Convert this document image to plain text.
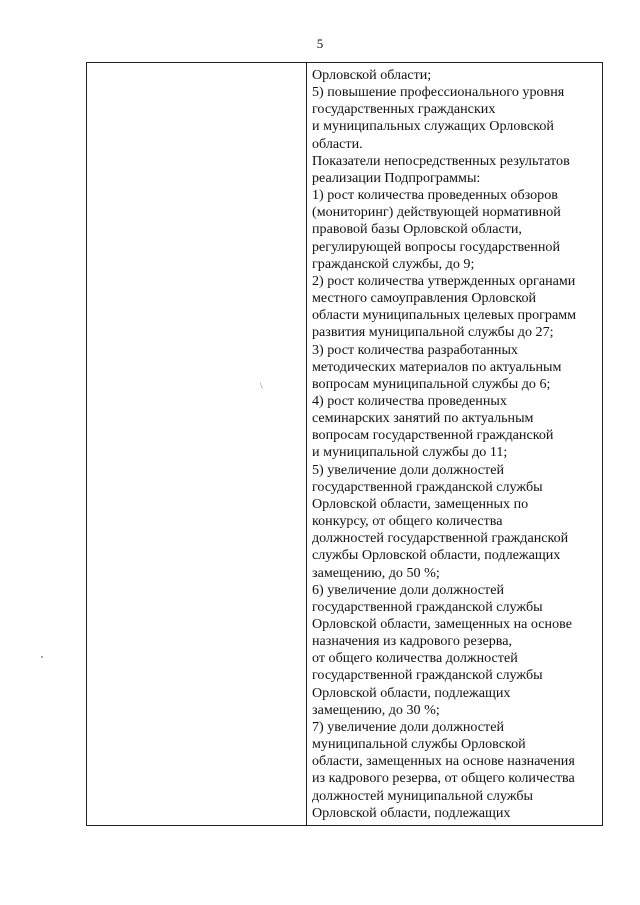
5
\
Орловской области;
5) повышение профессионального уровня
государственных гражданских
и муниципальных служащих Орловской
области.
Показатели непосредственных результатов
реализации Подпрограммы:
1) рост количества проведенных обзоров
(мониторинг) действующей нормативной
правовой базы Орловской области,
регулирующей вопросы государственной
гражданской службы, до 9;
2) рост количества утвержденных органами
местного самоуправления Орловской
области муниципальных целевых программ
развития муниципальной службы до 27;
3) рост количества разработанных
методических материалов по актуальным
вопросам муниципальной службы до 6;
4) рост количества проведенных
семинарских занятий по актуальным
вопросам государственной гражданской
и муниципальной службы до 11;
5) увеличение доли должностей
государственной гражданской службы
Орловской области, замещенных по
конкурсу, от общего количества
должностей государственной гражданской
службы Орловской области, подлежащих
замещению, до 50 %;
6) увеличение доли должностей
государственной гражданской службы
Орловской области, замещенных на основе
назначения из кадрового резерва,
от общего количества должностей
государственной гражданской службы
Орловской области, подлежащих
замещению, до 30 %;
7) увеличение доли должностей
муниципальной службы Орловской
области, замещенных на основе назначения
из кадрового резерва, от общего количества
должностей муниципальной службы
Орловской области, подлежащих
